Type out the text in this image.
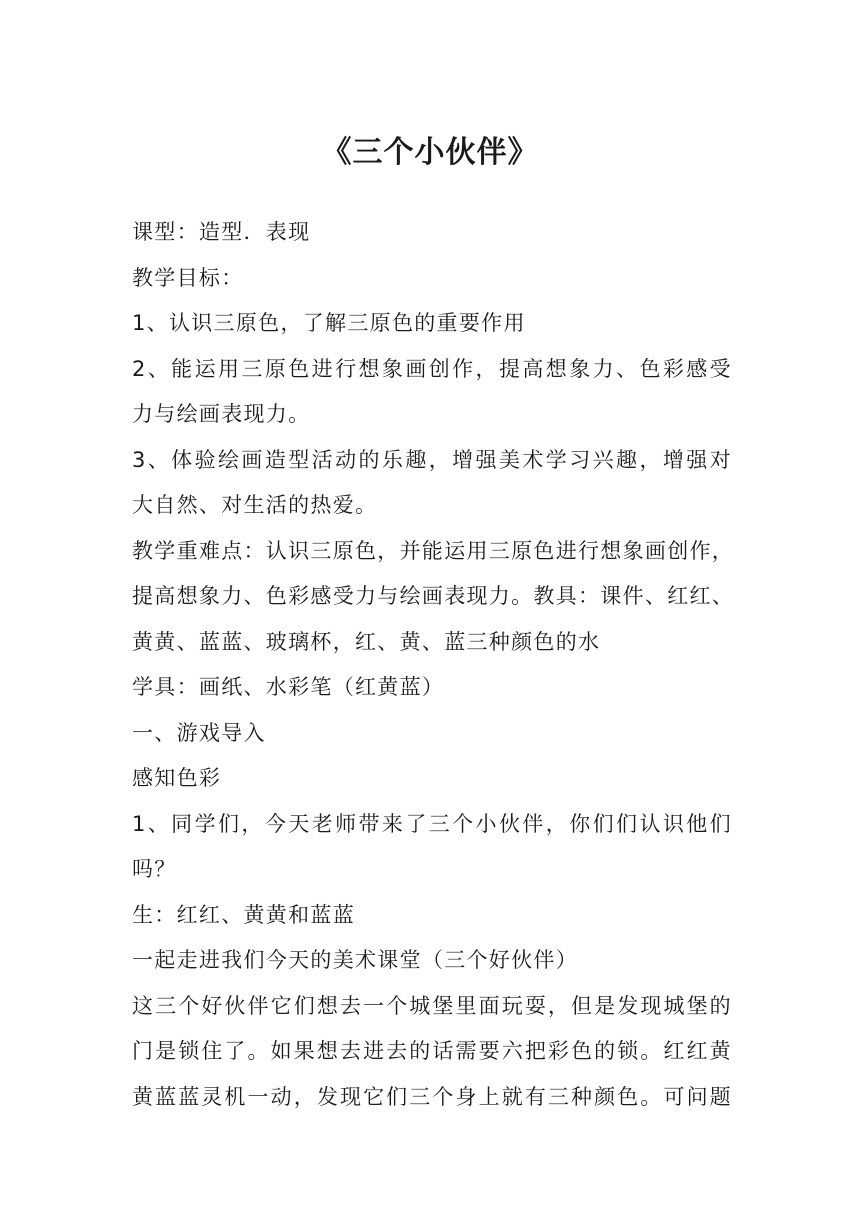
《三个小伙伴》

课型：造型．表现

教学目标：

1、认识三原色，了解三原色的重要作用

2、能运用三原色进行想象画创作，提高想象力、色彩感受
力与绘画表现力。

3、体验绘画造型活动的乐趣，增强美术学习兴趣，增强对
大自然、对生活的热爱。

教学重难点：认识三原色，并能运用三原色进行想象画创作，
提高想象力、色彩感受力与绘画表现力。教具：课件、红红、
黄黄、蓝蓝、玻璃杯，红、黄、蓝三种颜色的水

学具：画纸、水彩笔（红黄蓝）

一、游戏导入

感知色彩

1、同学们，今天老师带来了三个小伙伴，你们们认识他们
吗？

生：红红、黄黄和蓝蓝

一起走进我们今天的美术课堂（三个好伙伴）

这三个好伙伴它们想去一个城堡里面玩耍，但是发现城堡的
门是锁住了。如果想去进去的话需要六把彩色的锁。红红黄
黄蓝蓝灵机一动，发现它们三个身上就有三种颜色。可问题
